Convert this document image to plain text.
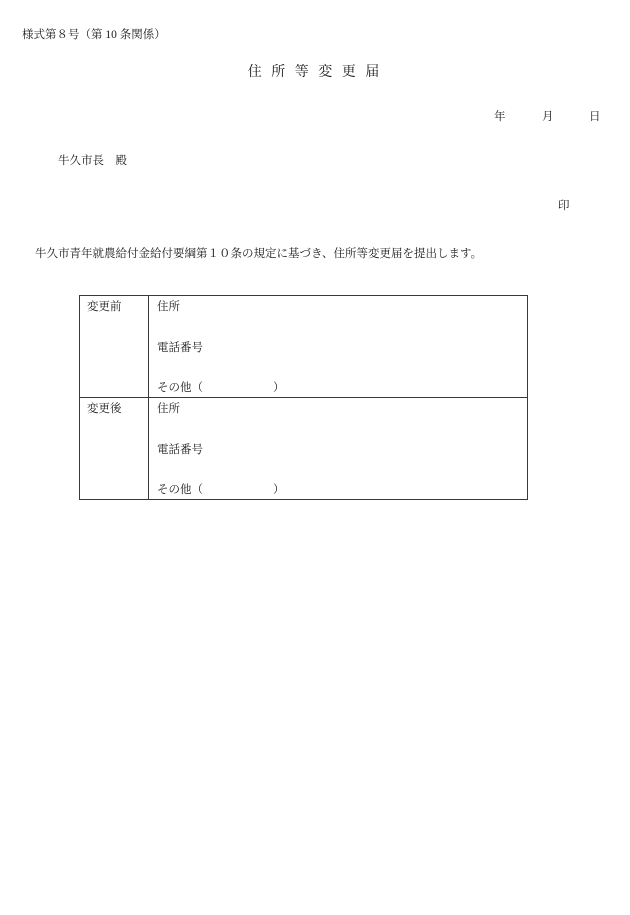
様式第８号（第 10 条関係）
住 所 等 変 更 届
年	月	日
牛久市長　殿
印
牛久市青年就農給付金給付要綱第１０条の規定に基づき、住所等変更届を提出します。
変更前	住所
電話番号
その他（	）
変更後	住所
電話番号
その他（	）
